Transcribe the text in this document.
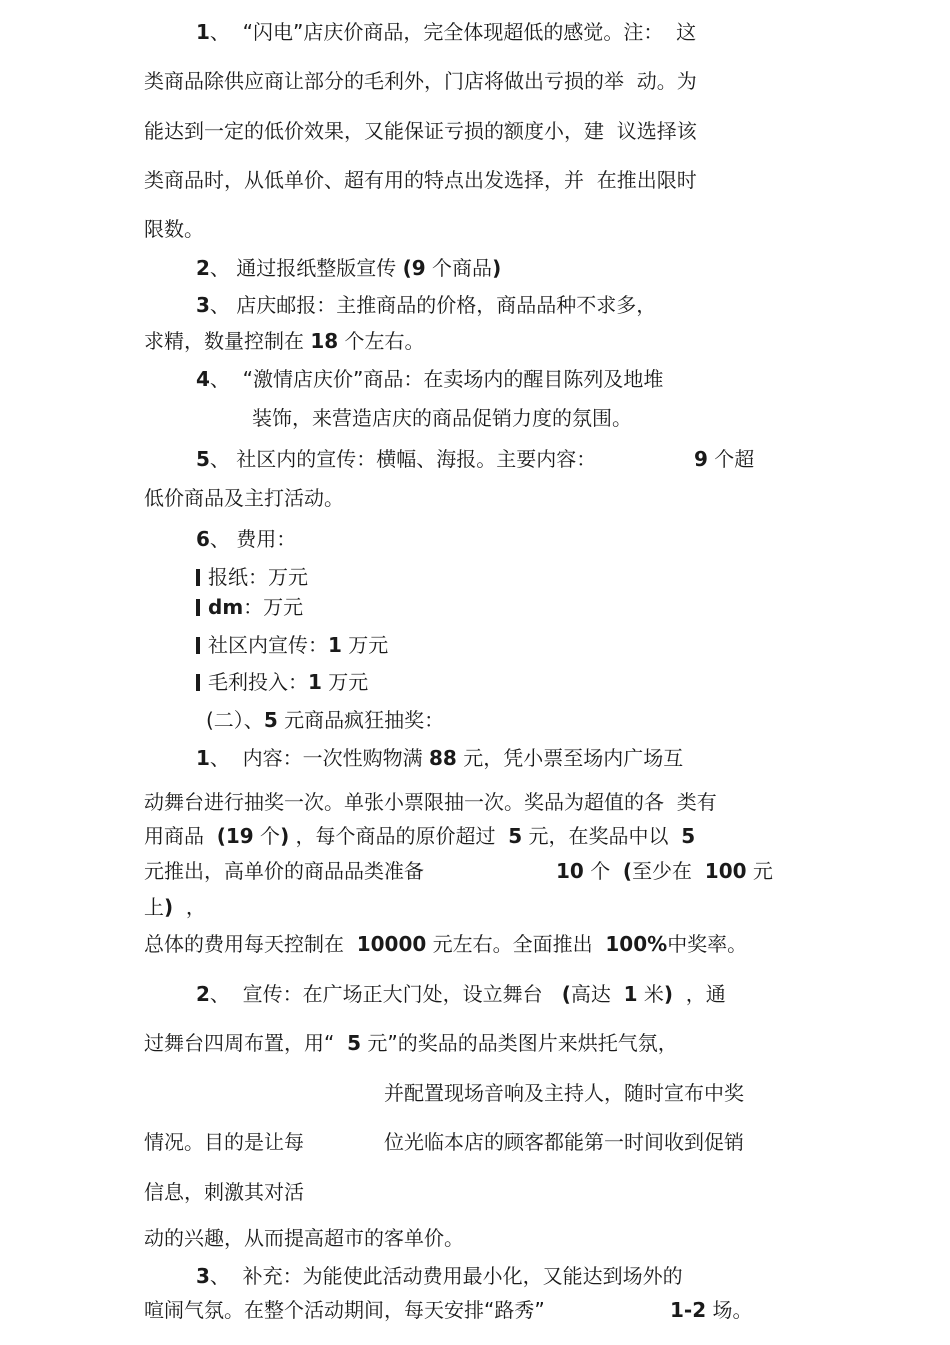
1、  “闪电”店庆价商品，完全体现超低的感觉。注：  这
类商品除供应商让部分的毛利外，门店将做出亏损的举  动。为
能达到一定的低价效果，又能保证亏损的额度小，建  议选择该
类商品时，从低单价、超有用的特点出发选择，并  在推出限时
限数。
2、 通过报纸整版宣传 (9 个商品)
3、 店庆邮报：主推商品的价格，商品品种不求多，
求精，数量控制在 18 个左右。
4、  “激情店庆价”商品：在卖场内的醒目陈列及地堆
装饰，来营造店庆的商品促销力度的氛围。
5、 社区内的宣传：横幅、海报。主要内容：	9 个超
低价商品及主打活动。
6、 费用：
报纸：万元
dm：万元
社区内宣传：1 万元
毛利投入：1 万元
(二）、5 元商品疯狂抽奖：
1、  内容：一次性购物满 88 元，凭小票至场内广场互
动舞台进行抽奖一次。单张小票限抽一次。奖品为超值的各  类有
用商品  (19 个) ，每个商品的原价超过  5 元，在奖品中以  5
元推出，高单价的商品品类准备	10 个  (至少在  100 元
上)  ，
总体的费用每天控制在  10000 元左右。全面推出  100%中奖率。
2、  宣传：在广场正大门处，设立舞台   (高达  1 米)  ，通
过舞台四周布置，用“  5 元”的奖品的品类图片来烘托气氛，
并配置现场音响及主持人，随时宣布中奖
情况。目的是让每	位光临本店的顾客都能第一时间收到促销
信息，刺激其对活
动的兴趣，从而提高超市的客单价。
3、  补充：为能使此活动费用最小化，又能达到场外的
喧闹气氛。在整个活动期间，每天安排“路秀”	1-2 场。
